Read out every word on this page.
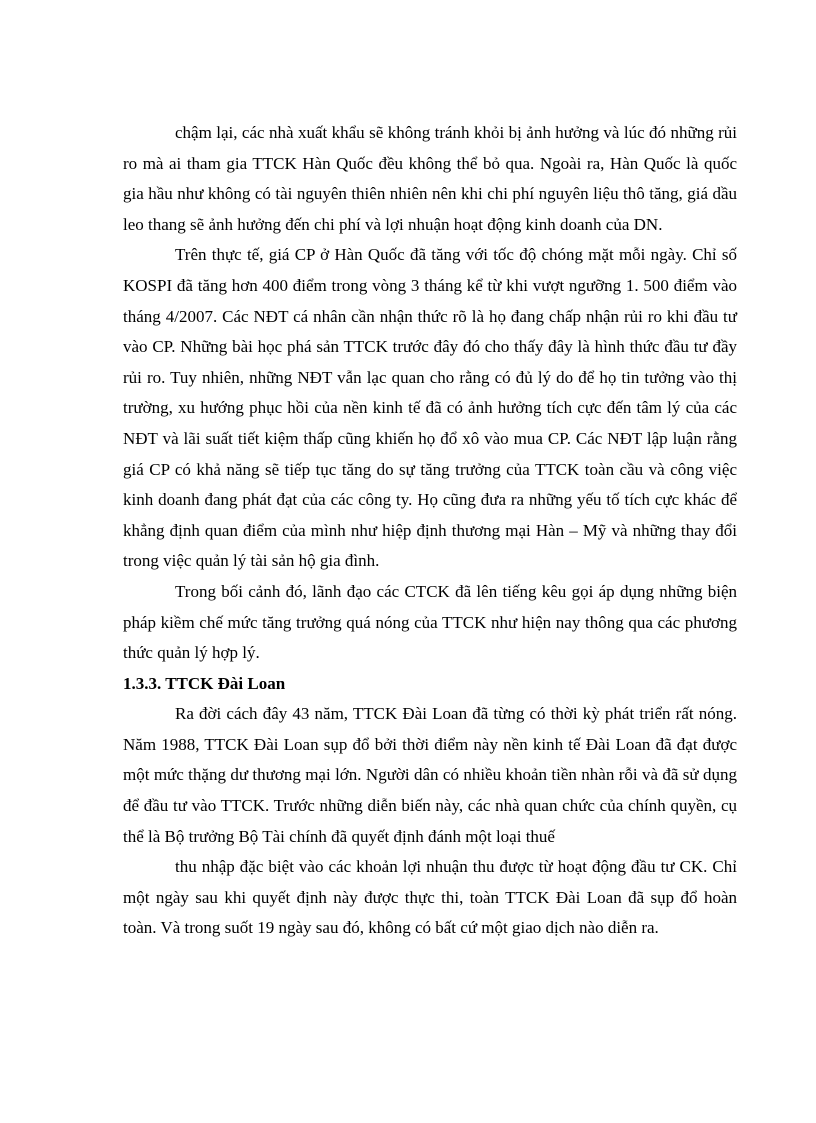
chậm lại, các nhà xuất khẩu sẽ không tránh khỏi bị ảnh hưởng và lúc đó những rủi ro mà ai tham gia TTCK Hàn Quốc đều không thể bỏ qua. Ngoài ra, Hàn Quốc là quốc gia hầu như không có tài nguyên thiên nhiên nên khi chi phí nguyên liệu thô tăng, giá dầu leo thang sẽ ảnh hưởng đến chi phí và lợi nhuận hoạt động kinh doanh của DN.

Trên thực tế, giá CP ở Hàn Quốc đã tăng với tốc độ chóng mặt mỗi ngày. Chỉ số KOSPI đã tăng hơn 400 điểm trong vòng 3 tháng kể từ khi vượt ngưỡng 1. 500 điểm vào tháng 4/2007. Các NĐT cá nhân cần nhận thức rõ là họ đang chấp nhận rủi ro khi đầu tư vào CP. Những bài học phá sản TTCK trước đây đó cho thấy đây là hình thức đầu tư đầy rủi ro. Tuy nhiên, những NĐT vẫn lạc quan cho rằng có đủ lý do để họ tin tưởng vào thị trường, xu hướng phục hồi của nền kinh tế đã có ảnh hưởng tích cực đến tâm lý của các NĐT và lãi suất tiết kiệm thấp cũng khiến họ đổ xô vào mua CP. Các NĐT lập luận rằng giá CP có khả năng sẽ tiếp tục tăng do sự tăng trưởng của TTCK toàn cầu và công việc kinh doanh đang phát đạt của các công ty. Họ cũng đưa ra những yếu tố tích cực khác để khẳng định quan điểm của mình như hiệp định thương mại Hàn – Mỹ và những thay đổi trong việc quản lý tài sản hộ gia đình.

Trong bối cảnh đó, lãnh đạo các CTCK đã lên tiếng kêu gọi áp dụng những biện pháp kiềm chế mức tăng trưởng quá nóng của TTCK như hiện nay thông qua các phương thức quản lý hợp lý.

1.3.3. TTCK Đài Loan

Ra đời cách đây 43 năm, TTCK Đài Loan đã từng có thời kỳ phát triển rất nóng. Năm 1988, TTCK Đài Loan sụp đổ bởi thời điểm này nền kinh tế Đài Loan đã đạt được một mức thặng dư thương mại lớn. Người dân có nhiều khoản tiền nhàn rỗi và đã sử dụng để đầu tư vào TTCK. Trước những diễn biến này, các nhà quan chức của chính quyền, cụ thể là Bộ trưởng Bộ Tài chính đã quyết định đánh một loại thuế

thu nhập đặc biệt vào các khoản lợi nhuận thu được từ hoạt động đầu tư CK. Chỉ một ngày sau khi quyết định này được thực thi, toàn TTCK Đài Loan đã sụp đổ hoàn toàn. Và trong suốt 19 ngày sau đó, không có bất cứ một giao dịch nào diễn ra.
